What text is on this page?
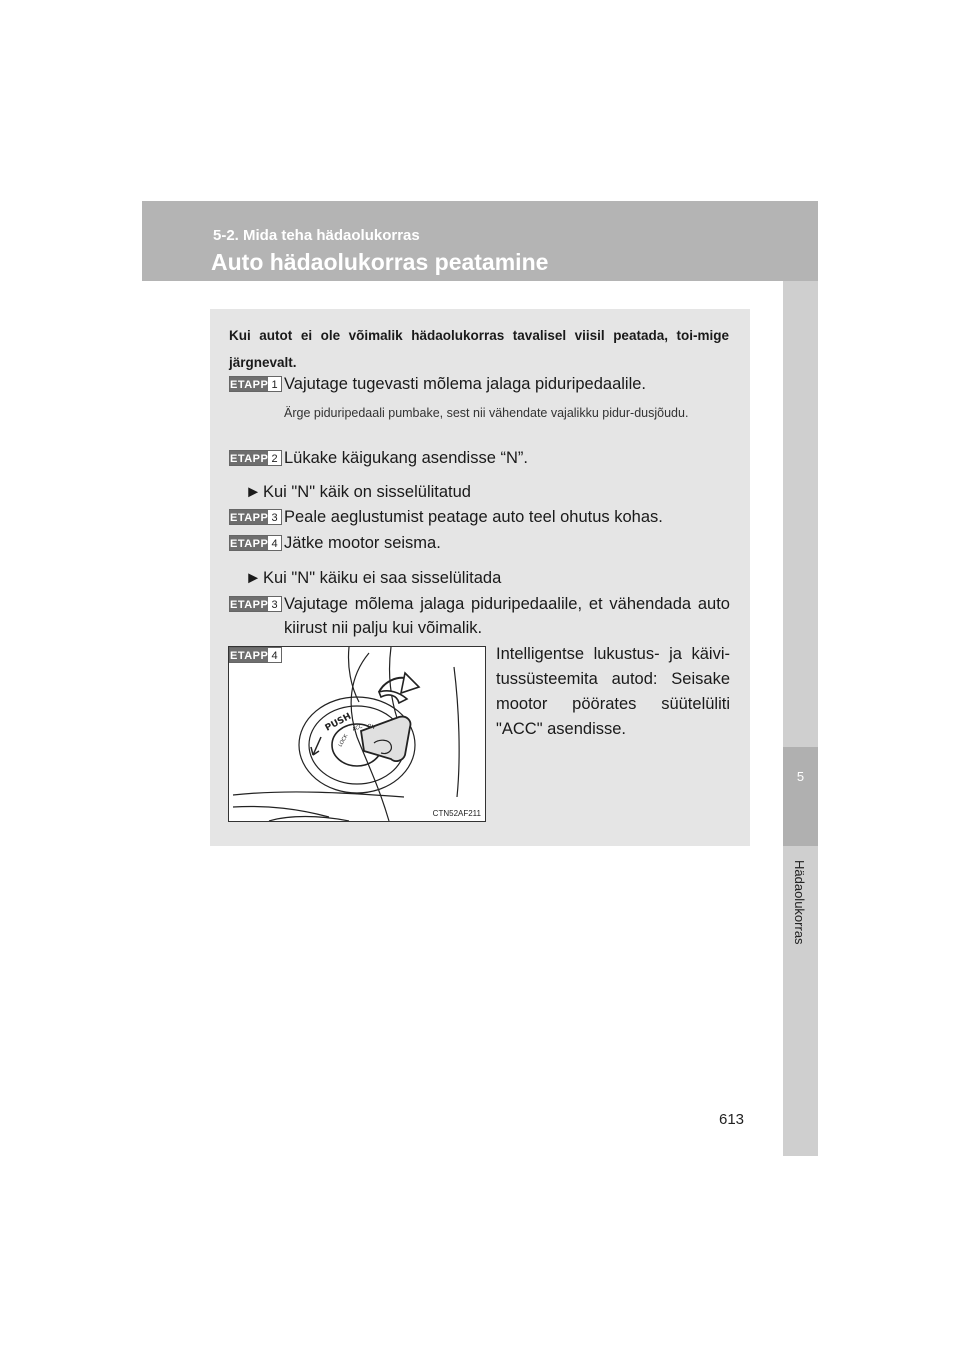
5-2. Mida teha hädaolukorras
Auto hädaolukorras peatamine
5
Hädaolukorras
Kui autot ei ole võimalik hädaolukorras tavalisel viisil peatada, toi-mige järgnevalt.
ETAPP 1 Vajutage tugevasti mõlema jalaga piduripedaalile.
Ärge piduripedaali pumbake, sest nii vähendate vajalikku pidur-dusjõudu.
ETAPP 2 Lükake käigukang asendisse “N”.
► Kui "N" käik on sisselülitatud
ETAPP 3 Peale aeglustumist peatage auto teel ohutus kohas.
ETAPP 4 Jätke mootor seisma.
► Kui "N" käiku ei saa sisselülitada
ETAPP 3 Vajutage mõlema jalaga piduripedaalile, et vähendada auto kiirust nii palju kui võimalik.
ETAPP 4
PUSH
LOCK
ACC ON
CTN52AF211
Intelligentse lukustus- ja käivi-tussüsteemita autod: Seisake mootor pöörates süütelüliti "ACC" asendisse.
613
